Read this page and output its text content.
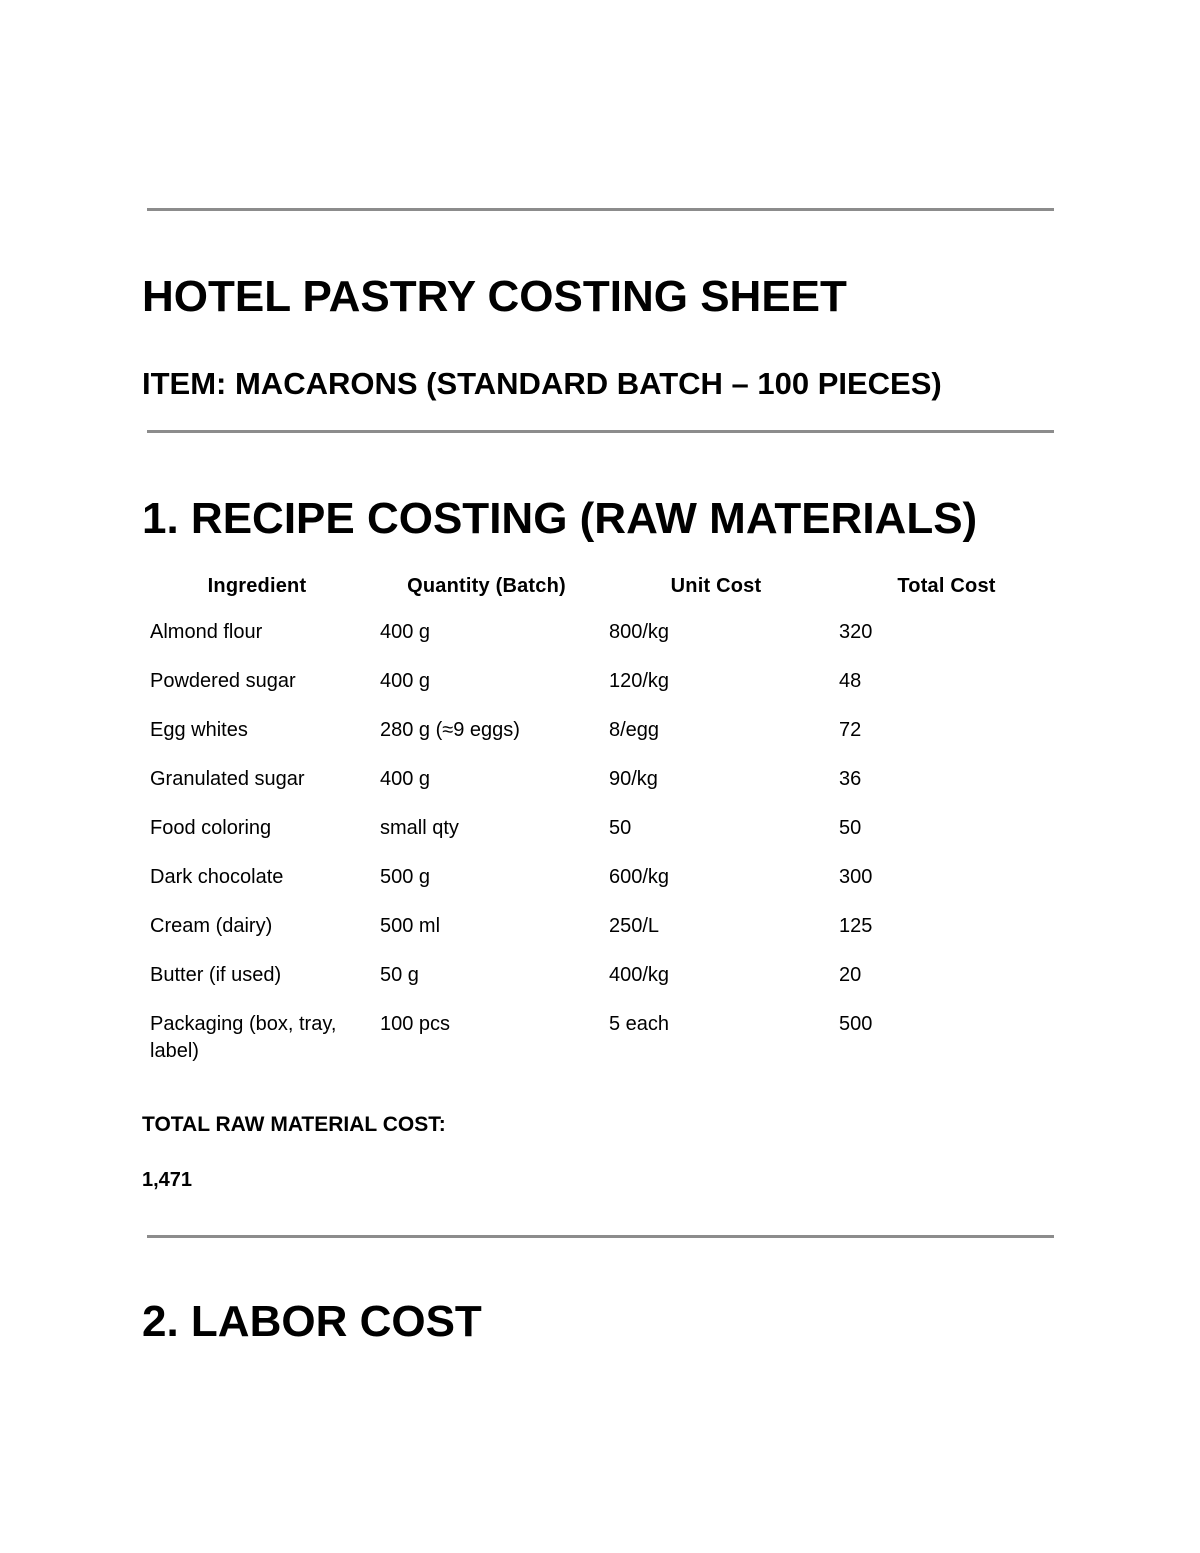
HOTEL PASTRY COSTING SHEET
ITEM: MACARONS (STANDARD BATCH – 100 PIECES)
1. RECIPE COSTING (RAW MATERIALS)
Ingredient	Quantity (Batch)	Unit Cost	Total Cost
Almond flour	400 g	800/kg	320
Powdered sugar	400 g	120/kg	48
Egg whites	280 g (≈9 eggs)	8/egg	72
Granulated sugar	400 g	90/kg	36
Food coloring	small qty	50	50
Dark chocolate	500 g	600/kg	300
Cream (dairy)	500 ml	250/L	125
Butter (if used)	50 g	400/kg	20
Packaging (box, tray, label)	100 pcs	5 each	500

TOTAL RAW MATERIAL COST:

1,471

2. LABOR COST
